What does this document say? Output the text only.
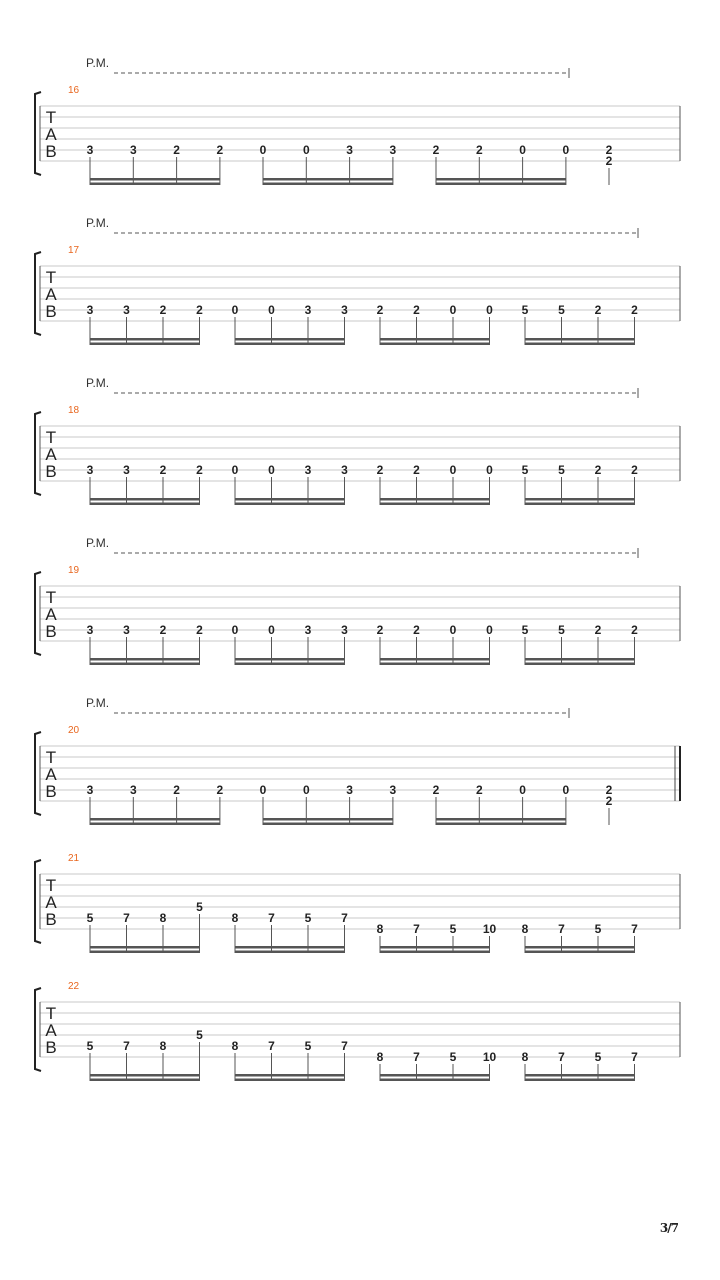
P.M.
16
T
A
B 3	3	2	2	0	0	3	3	2	2	0	0	2
2
P.M.
17
T
A
B 3 3 2 2 0 0 3 3 2 2 0 0 5 5 2 2
P.M.
18
T
A
B 3 3 2 2 0 0 3 3 2 2 0 0 5 5 2 2
P.M.
19
T
A
B 3 3 2 2 0 0 3 3 2 2 0 0 5 5 2 2
P.M.
20
T
A
B 3	3	2	2	0	0	3	3	2	2	0	0	2
2
21
T
A
B 5 7 8
5
8 7 5 7
8 7 5 10 8 7 5 7
22
T
A
B 5 7 8
5
8 7 5 7
8 7 5 10 8 7 5 7
3/7
